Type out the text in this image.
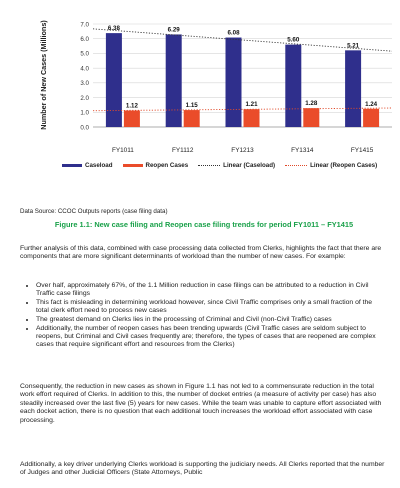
0.0
1.0
2.0
3.0
4.0
5.0
6.0
7.0
6.38
1.12
6.29
1.15
6.08
1.21
5.60
1.28
5.21
1.24
FY1011	FY1112	FY1213	FY1314	FY1415
Number of New Cases (Millions)
Caseload	Reopen Cases	Linear (Caseload)	Linear (Reopen Cases)
Data Source: CCOC Outputs reports (case filing data)
Figure 1.1: New case filing and Reopen case filing trends for period FY1011 – FY1415

Further analysis of this data, combined with case processing data collected from Clerks, highlights the fact that there are components that are more significant determinants of workload than the number of new cases. For example:

• Over half, approximately 67%, of the 1.1 Million reduction in case filings can be attributed to a reduction in Civil Traffic case filings
• This fact is misleading in determining workload however, since Civil Traffic comprises only a small fraction of the total clerk effort need to process new cases
• The greatest demand on Clerks lies in the processing of Criminal and Civil (non-Civil Traffic) cases
• Additionally, the number of reopen cases has been trending upwards (Civil Traffic cases are seldom subject to reopens, but Criminal and Civil cases frequently are; therefore, the types of cases that are reopened are complex cases that require significant effort and resources from the Clerks)

Consequently, the reduction in new cases as shown in Figure 1.1 has not led to a commensurate reduction in the total work effort required of Clerks. In addition to this, the number of docket entries (a measure of activity per case) has also steadily increased over the last five (5) years for new cases. While the team was unable to capture effort associated with each docket action, there is no question that each additional touch increases the workload effort associated with case processing.

Additionally, a key driver underlying Clerks workload is supporting the judiciary needs. All Clerks reported that the number of Judges and other Judicial Officers (State Attorneys, Public
